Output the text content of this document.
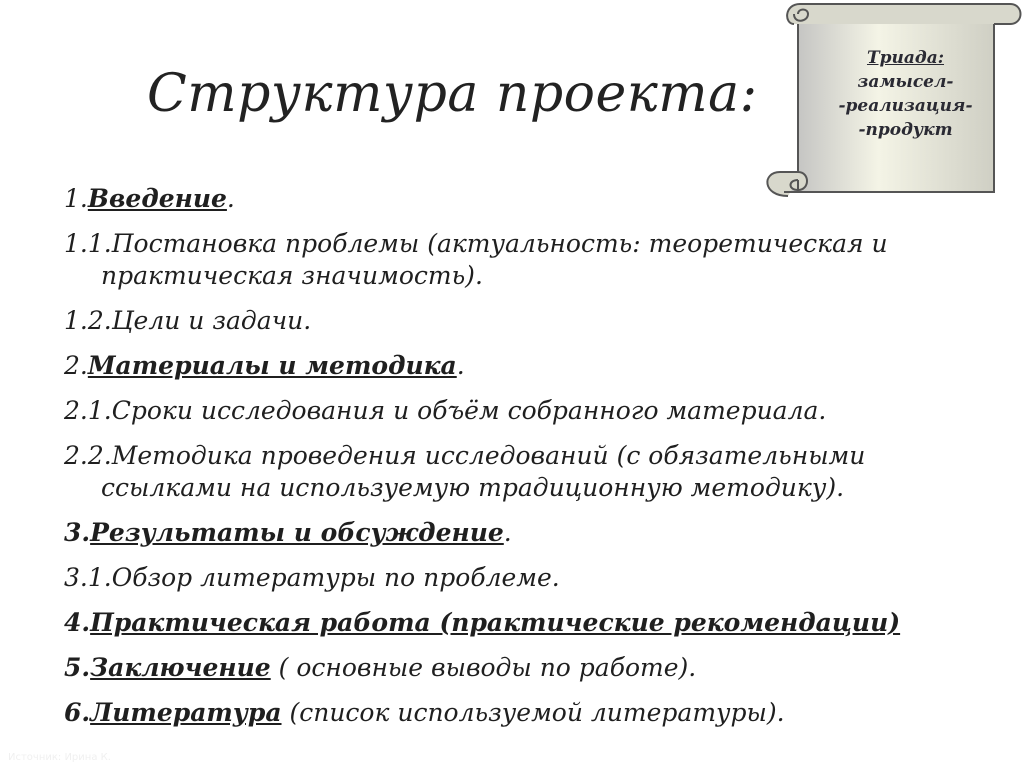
Структура проекта:
Триада:
замысел-
-реализация-
-продукт
1.Введение.
1.1.Постановка проблемы (актуальность: теоретическая и практическая значимость).
1.2.Цели и задачи.
2.Материалы и методика.
2.1.Сроки исследования и объём собранного материала.
2.2.Методика проведения исследований (с обязательными ссылками на используемую традиционную методику).
3.Результаты и обсуждение.
3.1.Обзор литературы по проблеме.
4.Практическая работа (практические рекомендации)
5.Заключение ( основные выводы по работе).
6.Литература (список используемой литературы).
Источник: Ирина К.
